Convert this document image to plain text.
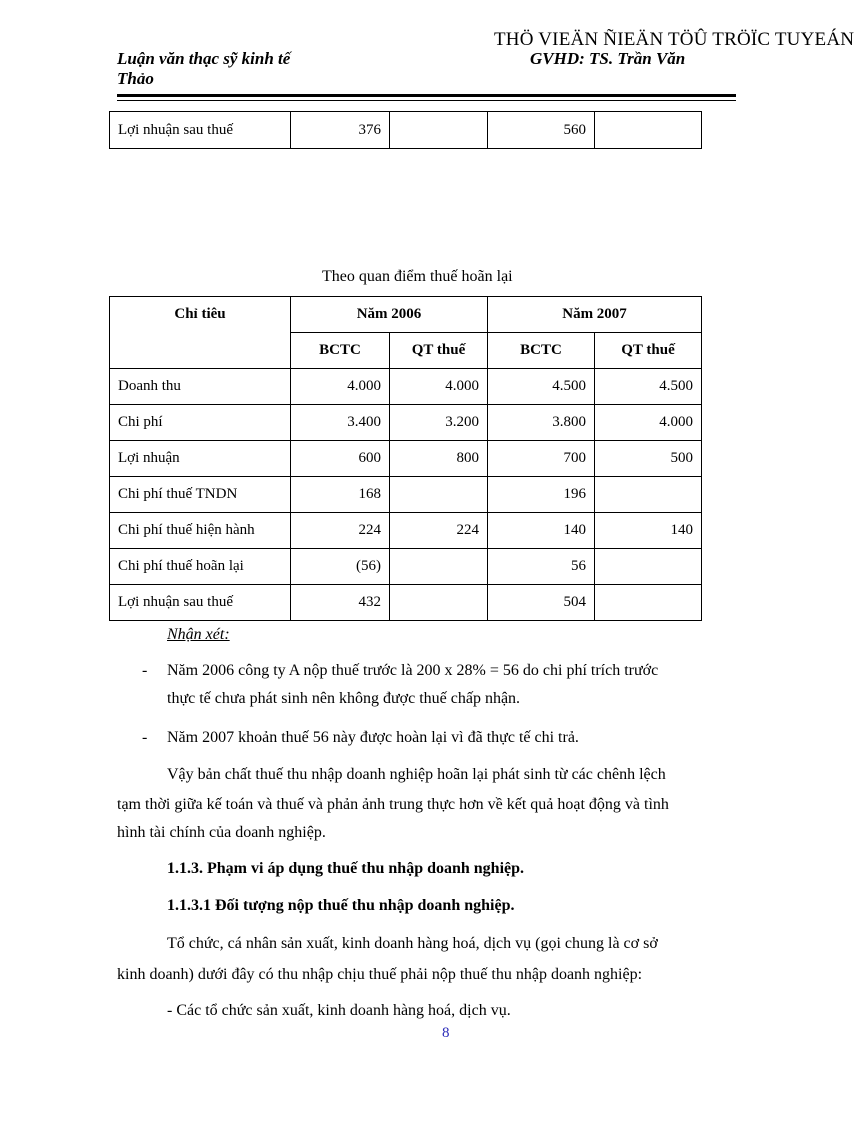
THÖ VIEÄN ÑIEÄN TÖÛ TRÖÏC TUYEÁN
Luận văn thạc sỹ kinh tế
Thảo
GVHD: TS. Trần Văn
Lợi nhuận sau thuế	376		560	
Theo quan điểm thuế hoãn lại
Chỉ tiêu	Năm 2006		Năm 2007	
	BCTC	QT thuế	BCTC	QT thuế
Doanh thu	4.000	4.000	4.500	4.500
Chi phí	3.400	3.200	3.800	4.000
Lợi nhuận	600	800	700	500
Chi phí thuế TNDN	168		196	
Chi phí thuế hiện hành	224	224	140	140
Chi phí thuế hoãn lại	(56)		56	
Lợi nhuận sau thuế	432		504	
Nhận xét:
- Năm 2006 công ty A nộp thuế trước là 200 x 28% = 56 do chi phí trích trước
thực tế chưa phát sinh nên không được thuế chấp nhận.
- Năm 2007 khoản thuế 56 này được hoàn lại vì đã thực tế chi trả.
Vậy bản chất thuế thu nhập doanh nghiệp hoãn lại phát sinh từ các chênh lệch
tạm thời giữa kế toán và thuế và phản ảnh trung thực hơn về kết quả hoạt động và tình
hình tài chính của doanh nghiệp.
1.1.3. Phạm vi áp dụng thuế thu nhập doanh nghiệp.
1.1.3.1 Đối tượng nộp thuế thu nhập doanh nghiệp.
Tổ chức, cá nhân sản xuất, kinh doanh hàng hoá, dịch vụ (gọi chung là cơ sở
kinh doanh) dưới đây có thu nhập chịu thuế phải nộp thuế thu nhập doanh nghiệp:
- Các tổ chức sản xuất, kinh doanh hàng hoá, dịch vụ.
8
